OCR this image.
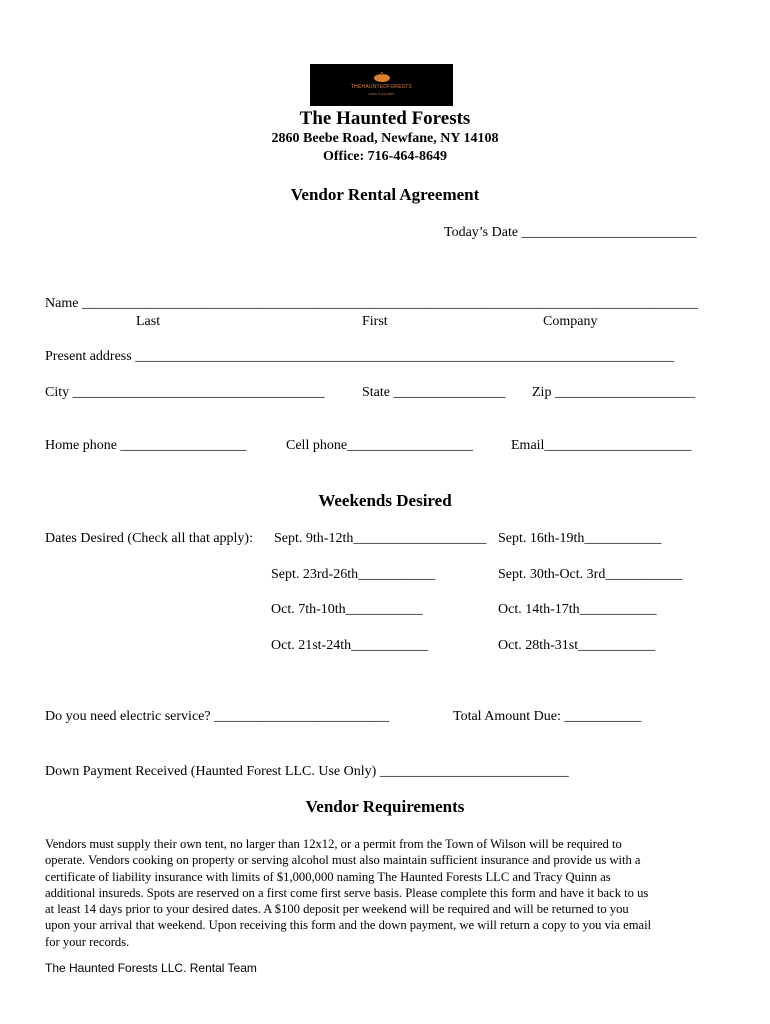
THEHAUNTEDFORESTS
come if you dare
The Haunted Forests
2860 Beebe Road, Newfane, NY 14108
Office: 716-464-8649
Vendor Rental Agreement
Today’s Date _________________________
Name ________________________________________________________________________________________
Last	First	Company
Present address _____________________________________________________________________________
City ____________________________________	State ________________ Zip ____________________
Home phone __________________	Cell phone__________________	Email_____________________
Weekends Desired
Dates Desired (Check all that apply): Sept. 9th-12th___________________ Sept. 16th-19th___________
Sept. 23rd-26th___________	Sept. 30th-Oct. 3rd___________
Oct. 7th-10th___________	Oct. 14th-17th___________
Oct. 21st-24th___________	Oct. 28th-31st___________
Do you need electric service? _________________________	Total Amount Due: ___________
Down Payment Received (Haunted Forest LLC. Use Only) ___________________________
Vendor Requirements
Vendors must supply their own tent, no larger than 12x12, or a permit from the Town of Wilson will be required to
operate. Vendors cooking on property or serving alcohol must also maintain sufficient insurance and provide us with a
certificate of liability insurance with limits of $1,000,000 naming The Haunted Forests LLC and Tracy Quinn as
additional insureds. Spots are reserved on a first come first serve basis. Please complete this form and have it back to us
at least 14 days prior to your desired dates. A $100 deposit per weekend will be required and will be returned to you
upon your arrival that weekend. Upon receiving this form and the down payment, we will return a copy to you via email
for your records.
The Haunted Forests LLC. Rental Team
